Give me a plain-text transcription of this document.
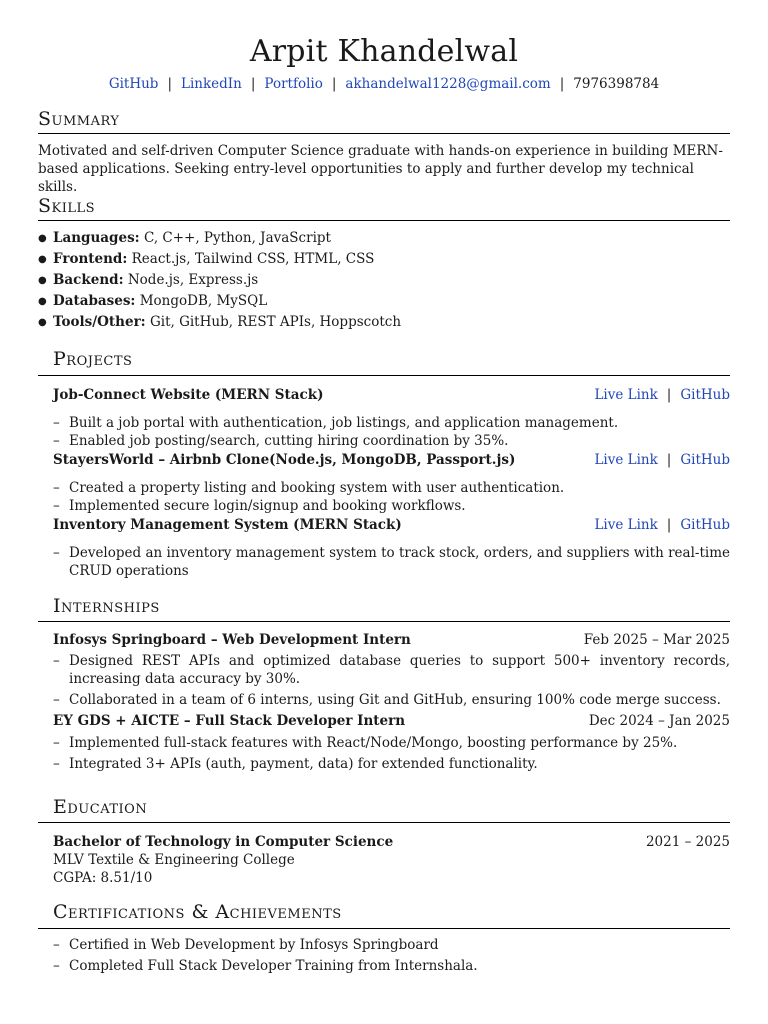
Arpit Khandelwal
GitHub | LinkedIn | Portfolio | akhandelwal1228@gmail.com | 7976398784
Summary
Motivated and self-driven Computer Science graduate with hands-on experience in building MERN-based applications. Seeking entry-level opportunities to apply and further develop my technical skills.
Skills
● Languages: C, C++, Python, JavaScript
● Frontend: React.js, Tailwind CSS, HTML, CSS
● Backend: Node.js, Express.js
● Databases: MongoDB, MySQL
● Tools/Other: Git, GitHub, REST APIs, Hoppscotch
Projects
Job-Connect Website (MERN Stack)	Live Link | GitHub
– Built a job portal with authentication, job listings, and application management.
– Enabled job posting/search, cutting hiring coordination by 35%.
StayersWorld – Airbnb Clone(Node.js, MongoDB, Passport.js)	Live Link | GitHub
– Created a property listing and booking system with user authentication.
– Implemented secure login/signup and booking workflows.
Inventory Management System (MERN Stack)	Live Link | GitHub
– Developed an inventory management system to track stock, orders, and suppliers with real-time CRUD operations
Internships
Infosys Springboard – Web Development Intern	Feb 2025 – Mar 2025
– Designed REST APIs and optimized database queries to support 500+ inventory records, increasing data accuracy by 30%.
– Collaborated in a team of 6 interns, using Git and GitHub, ensuring 100% code merge success.
EY GDS + AICTE – Full Stack Developer Intern	Dec 2024 – Jan 2025
– Implemented full-stack features with React/Node/Mongo, boosting performance by 25%.
– Integrated 3+ APIs (auth, payment, data) for extended functionality.
Education
Bachelor of Technology in Computer Science	2021 – 2025
MLV Textile & Engineering College
CGPA: 8.51/10
Certifications & Achievements
– Certified in Web Development by Infosys Springboard
– Completed Full Stack Developer Training from Internshala.
